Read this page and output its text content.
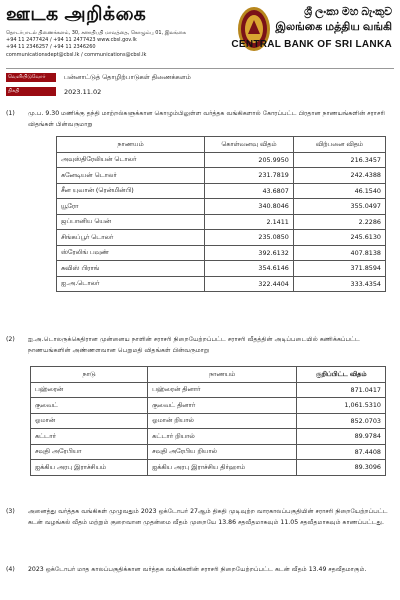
ஊடக அறிக்கை
தொடர்பாடல் திணைக்களம், 30, சனாதிபதி மாவத்தை, கொழும்பு 01, இலங்கை
+94 11 2477424 / +94 11 2477423 www.cbsl.gov.lk
+94 11 2346257 / +94 11 2346260
communicationsdept@cbsl.lk / communications@cbsl.lk
ශ්‍රී ලංකා මහ බැංකුව
இலங்கை மத்திய வங்கி
CENTRAL BANK OF SRI LANKA
வெளியிடுவோர்	பன்னாட்டுத் தொழிற்பாடுகள் திணைக்களம்
திகதி	2023.11.02
(1) மு.ப. 9.30 மணிக்கு தந்தி மாற்றல்களுக்கான கொழும்பிலுள்ள வர்த்தக வங்கிகளால் கோரப்பட்ட பிரதான நாணயங்களின் சராசரி விதங்கள் பின்வருமாறு
நாணயம்	கொள்வனவு விதம்	விற்பனை விதம்
அவுஸ்திரேலியன் டொலர்	205.9950	216.3457
கனேடியன் டொலர்	231.7819	242.4388
சீன யுவான் (ரென்மின்பி)	43.6807	46.1540
யூரோ	340.8046	355.0497
ஜப்பானிய யென்	2.1411	2.2286
சிங்கப்பூர் டொலர்	235.0850	245.6130
ஸ்ரேலிங் பவுண்	392.6132	407.8138
சுவிஸ் பிராங்	354.6146	371.8594
ஐ.அ.டொலர்	322.4404	333.4354
(2) ஐ.அ.டொலருக்கெதிரான முன்னைய நாளின் சராசரி நிறையேற்றப்பட்ட சராசரி வீதத்தின் அடிப்படையில் கணிக்கப்பட்ட நாணயங்களின் அண்ணளவான பெறுமதி விதங்கள் பின்வருமாறு
நாடு	நாணயம்	குறிப்பிட்ட விதம்
பஹ்ரைன்	பஹ்ரைன் தினார்	871.0417
குவைட்	குவைட் தினார்	1,061.5310
ஓமான்	ஓமான் றியால்	852.0703
கட்டார்	கட்டார் றியால்	89.9784
சவுதி அரேபியா	சவுதி அரேபிய றியால்	87.4408
ஐக்கிய அரபு இராச்சியம்	ஐக்கிய அரபு இராச்சிய திர்ஹாம்	89.3096
(3) அனைத்து வர்த்தக வங்கிகள் முழுவதும் 2023 ஒக்டோபர் 27ஆம் திகதி முடிவுற்ற வாரகாலப்பகுதியின் சராசரி நிறையேற்றப்பட்ட கடன் வழங்கல் வீதம் மற்றும் குறைவான முதன்மை வீதம் முறையே 13.86 சதவீதமாகவும் 11.05 சதவீதமாகவும் காணப்பட்டது.
(4) 2023 ஒக்டோபர் மாத காலப்பகுதிக்கான வர்த்தக வங்கிகளின் சராசரி நிறையேற்றப்பட்ட கடன் வீதம் 13.49 சதவீதமாகும்.
